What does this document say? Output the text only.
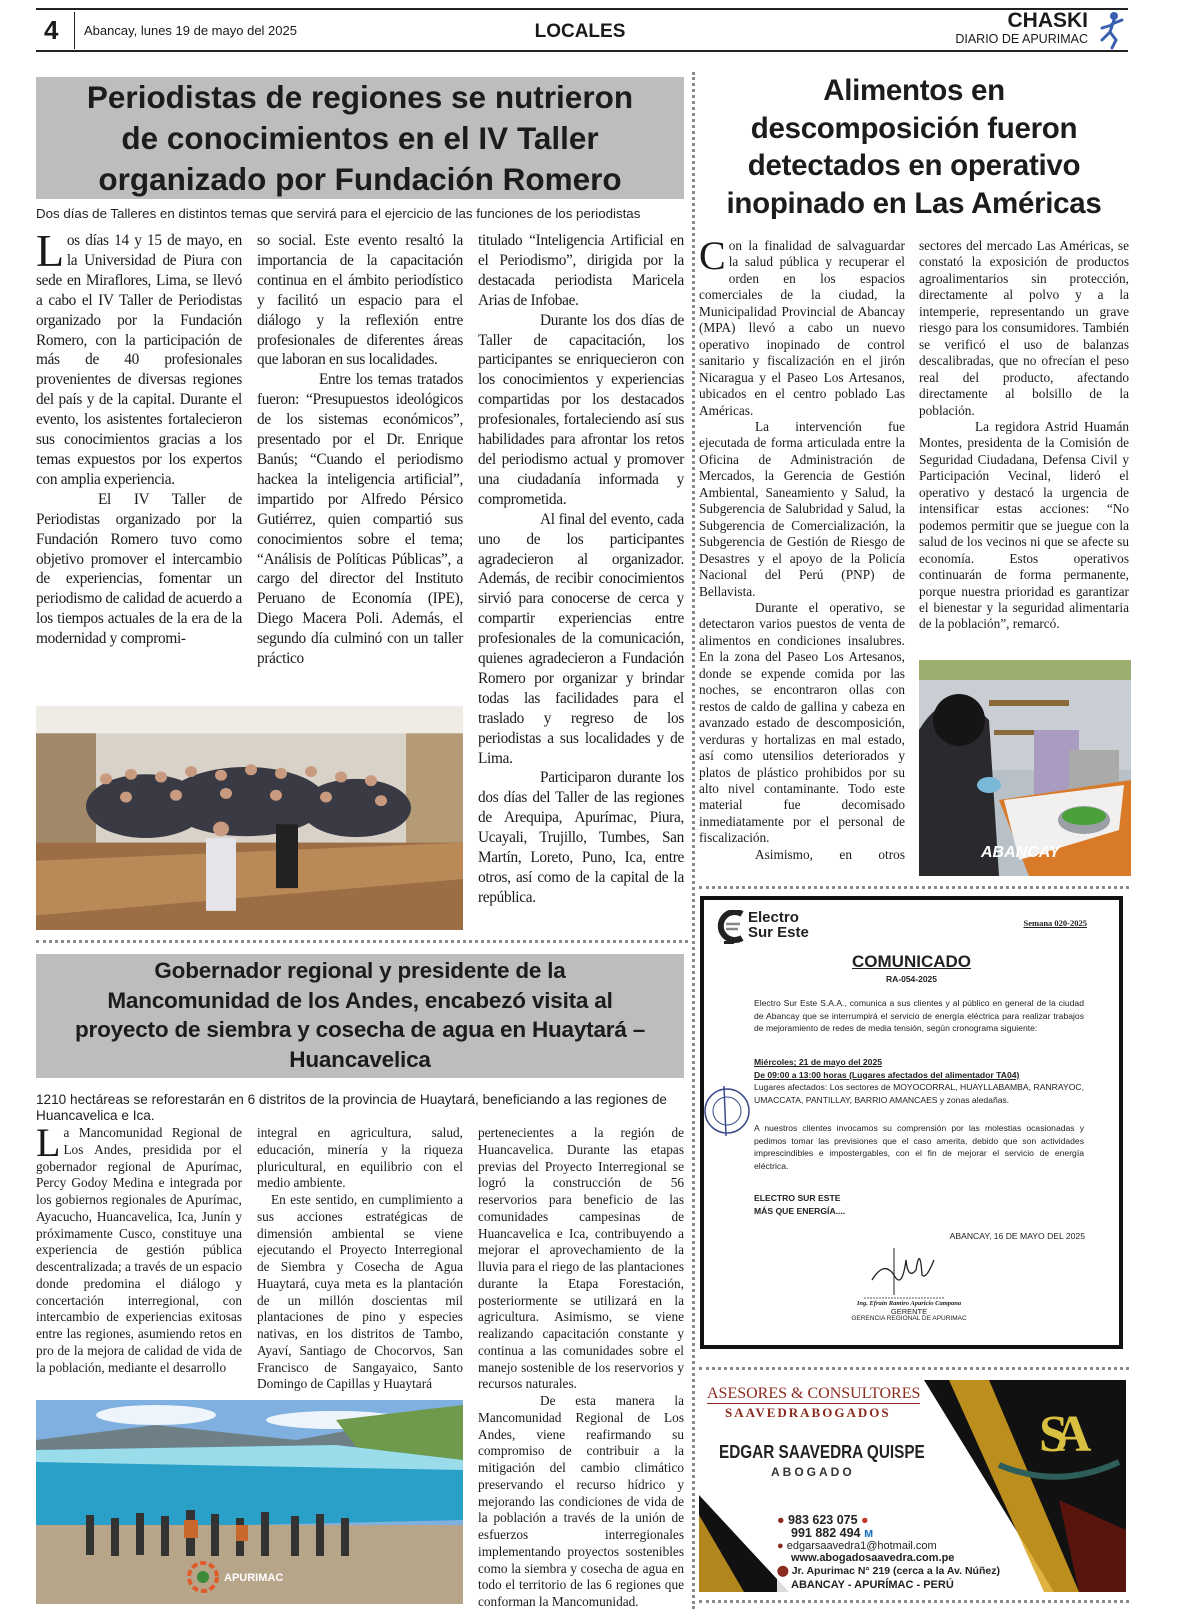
4 Abancay, lunes 19 de mayo del 2025	LOCALES	CHASKI
DIARIO DE APURIMAC
Periodistas de regiones se nutrieron
de conocimientos en el IV Taller
organizado por Fundación Romero
Dos días de Talleres en distintos temas que servirá para el ejercicio de las funciones de los periodistas

Los días 14 y 15 de mayo, en la Universidad de Piura con sede en Miraflores, Lima, se llevó a cabo el IV Taller de Periodistas organizado por la Fundación Romero, con la participación de más de 40 profesionales provenientes de diversas regiones del país y de la capital. Durante el evento, los asistentes fortalecieron sus conocimientos gracias a los temas expuestos por los expertos con amplia experiencia.

El IV Taller de Periodistas organizado por la Fundación Romero tuvo como objetivo promover el intercambio de experiencias, fomentar un periodismo de calidad de acuerdo a los tiempos actuales de la era de la modernidad y compromi-

so social. Este evento resaltó la importancia de la capacitación continua en el ámbito periodístico y facilitó un espacio para el diálogo y la reflexión entre profesionales de diferentes áreas que laboran en sus localidades.

Entre los temas tratados fueron: “Presupuestos ideológicos de los sistemas económicos”, presentado por el Dr. Enrique Banús; “Cuando el periodismo hackea la inteligencia artificial”, impartido por Alfredo Pérsico Gutiérrez, quien compartió sus conocimientos sobre el tema; “Análisis de Políticas Públicas”, a cargo del director del Instituto Peruano de Economía (IPE), Diego Macera Poli. Además, el segundo día culminó con un taller práctico

titulado “Inteligencia Artificial en el Periodismo”, dirigida por la destacada periodista Maricela Arias de Infobae.

Durante los dos días de Taller de capacitación, los participantes se enriquecieron con los conocimientos y experiencias compartidas por los destacados profesionales, fortaleciendo así sus habilidades para afrontar los retos del periodismo actual y promover una ciudadanía informada y comprometida.

Al final del evento, cada uno de los participantes agradecieron al organizador. Además, de recibir conocimientos sirvió para conocerse de cerca y compartir experiencias entre profesionales de la comunicación, quienes agradecieron a Fundación Romero por organizar y brindar todas las facilidades para el traslado y regreso de los periodistas a sus localidades y de Lima.

Participaron durante los dos días del Taller de las regiones de Arequipa, Apurímac, Piura, Ucayali, Trujillo, Tumbes, San Martín, Loreto, Puno, Ica, entre otros, así como de la capital de la república.

Alimentos en
descomposición fueron
detectados en operativo
inopinado en Las Américas

Con la finalidad de salvaguardar la salud pública y recuperar el orden en los espacios comerciales de la ciudad, la Municipalidad Provincial de Abancay (MPA) llevó a cabo un nuevo operativo inopinado de control sanitario y fiscalización en el jirón Nicaragua y el Paseo Los Artesanos, ubicados en el centro poblado Las Américas.

La intervención fue ejecutada de forma articulada entre la Oficina de Administración de Mercados, la Gerencia de Gestión Ambiental, Saneamiento y Salud, la Subgerencia de Salubridad y Salud, la Subgerencia de Comercialización, la Subgerencia de Gestión de Riesgo de Desastres y el apoyo de la Policía Nacional del Perú (PNP) de Bellavista.

Durante el operativo, se detectaron varios puestos de venta de alimentos en condiciones insalubres. En la zona del Paseo Los Artesanos, donde se expende comida por las noches, se encontraron ollas con restos de caldo de gallina y cabeza en avanzado estado de descomposición, verduras y hortalizas en mal estado, así como utensilios deteriorados y platos de plástico prohibidos por su alto nivel contaminante. Todo este material fue decomisado inmediatamente por el personal de fiscalización.

Asimismo, en otros

sectores del mercado Las Américas, se constató la exposición de productos agroalimentarios sin protección, directamente al polvo y a la intemperie, representando un grave riesgo para los consumidores. También se verificó el uso de balanzas descalibradas, que no ofrecían el peso real del producto, afectando directamente al bolsillo de la población.

La regidora Astrid Huamán Montes, presidenta de la Comisión de Seguridad Ciudadana, Defensa Civil y Participación Vecinal, lideró el operativo y destacó la urgencia de intensificar estas acciones: “No podemos permitir que se juegue con la salud de los vecinos ni que se afecte su economía. Estos operativos continuarán de forma permanente, porque nuestra prioridad es garantizar el bienestar y la seguridad alimentaria de la población”, remarcó.

ABANCAY
Electro
Sur Este
Semana 020-2025
COMUNICADO
RA-054-2025
Electro Sur Este S.A.A., comunica a sus clientes y al público en general de la ciudad de Abancay que se interrumpirá el servicio de energía eléctrica para realizar trabajos de mejoramiento de redes de media tensión, según cronograma siguiente:
Miércoles; 21 de mayo del 2025
De 09:00 a 13:00 horas (Lugares afectados del alimentador TA04)
Lugares afectados: Los sectores de MOYOCORRAL, HUAYLLABAMBA, RANRAYOC, UMACCATA, PANTILLAY, BARRIO AMANCAES y zonas aledañas.
A nuestros clientes invocamos su comprensión por las molestias ocasionadas y pedimos tomar las previsiones que el caso amerita, debido que son actividades imprescindibles e impostergables, con el fin de mejorar el servicio de energía eléctrica.
ELECTRO SUR ESTE
MÁS QUE ENERGÍA....
ABANCAY, 16 DE MAYO DEL 2025
Ing. Efrain Ramiro Aparicio Campana
GERENTE
GERENCIA REGIONAL DE APURIMAC
SA
ASESORES & CONSULTORES
SAAVEDRABOGADOS
EDGAR SAAVEDRA QUISPE
ABOGADO
● 983 623 075 ●
991 882 494 ᴍ
● edgarsaavedra1@hotmail.com
www.abogadosaavedra.com.pe
⬤ Jr. Apurimac N° 219 (cerca a la Av. Núñez)
ABANCAY - APURÍMAC - PERÚ
Gobernador regional y presidente de la
Mancomunidad de los Andes, encabezó visita al
proyecto de siembra y cosecha de agua en Huaytará –
Huancavelica
1210 hectáreas se reforestarán en 6 distritos de la provincia de Huaytará, beneficiando a las regiones de Huancavelica e Ica.

La Mancomunidad Regional de Los Andes, presidida por el gobernador regional de Apurímac, Percy Godoy Medina e integrada por los gobiernos regionales de Apurímac, Ayacucho, Huancavelica, Ica, Junín y próximamente Cusco, constituye una experiencia de gestión pública descentralizada; a través de un espacio donde predomina el diálogo y concertación interregional, con intercambio de experiencias exitosas entre las regiones, asumiendo retos en pro de la mejora de calidad de vida de la población, mediante el desarrollo

integral en agricultura, salud, educación, minería y la riqueza pluricultural, en equilibrio con el medio ambiente.

En este sentido, en cumplimiento a sus acciones estratégicas de dimensión ambiental se viene ejecutando el Proyecto Interregional de Siembra y Cosecha de Agua Huaytará, cuya meta es la plantación de un millón doscientas mil plantaciones de pino y especies nativas, en los distritos de Tambo, Ayaví, Santiago de Chocorvos, San Francisco de Sangayaico, Santo Domingo de Capillas y Huaytará

pertenecientes a la región de Huancavelica. Durante las etapas previas del Proyecto Interregional se logró la construcción de 56 reservorios para beneficio de las comunidades campesinas de Huancavelica e Ica, contribuyendo a mejorar el aprovechamiento de la lluvia para el riego de las plantaciones durante la Etapa Forestación, posteriormente se utilizará en la agricultura. Asimismo, se viene realizando capacitación constante y continua a las comunidades sobre el manejo sostenible de los reservorios y recursos naturales.

De esta manera la Mancomunidad Regional de Los Andes, viene reafirmando su compromiso de contribuir a la mitigación del cambio climático preservando el recurso hídrico y mejorando las condiciones de vida de la población a través de la unión de esfuerzos interregionales implementando proyectos sostenibles como la siembra y cosecha de agua en todo el territorio de las 6 regiones que conforman la Mancomunidad.

APURIMAC
